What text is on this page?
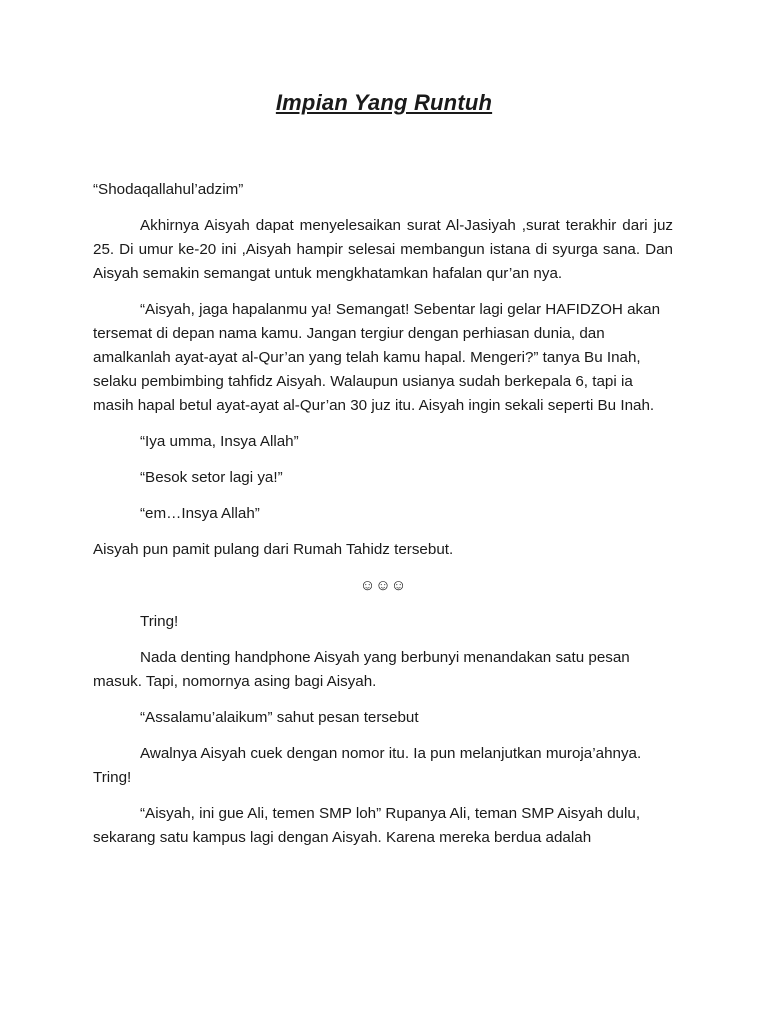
Impian Yang Runtuh

“Shodaqallahul’adzim”

Akhirnya Aisyah dapat menyelesaikan surat Al-Jasiyah ,surat terakhir dari juz 25. Di umur ke-20 ini ,Aisyah hampir selesai membangun istana di syurga sana. Dan Aisyah semakin semangat untuk mengkhatamkan hafalan qur’an nya.

“Aisyah, jaga hapalanmu ya! Semangat! Sebentar lagi gelar HAFIDZOH akan tersemat di depan nama kamu. Jangan tergiur dengan perhiasan dunia, dan amalkanlah ayat-ayat al-Qur’an yang telah kamu hapal. Mengeri?” tanya Bu Inah, selaku pembimbing tahfidz Aisyah. Walaupun usianya sudah berkepala 6, tapi ia masih hapal betul ayat-ayat al-Qur’an 30 juz itu. Aisyah ingin sekali seperti Bu Inah.

“Iya umma, Insya Allah”

“Besok setor lagi ya!”

“em…Insya Allah”

Aisyah pun pamit pulang dari Rumah Tahidz tersebut.

☺☺☺

Tring!

Nada denting handphone Aisyah yang berbunyi menandakan satu pesan masuk. Tapi, nomornya asing bagi Aisyah.

“Assalamu’alaikum” sahut pesan tersebut

Awalnya Aisyah cuek dengan nomor itu. Ia pun melanjutkan muroja’ahnya. Tring!

“Aisyah, ini gue Ali, temen SMP loh” Rupanya Ali, teman SMP Aisyah dulu, sekarang satu kampus lagi dengan Aisyah. Karena mereka berdua adalah
